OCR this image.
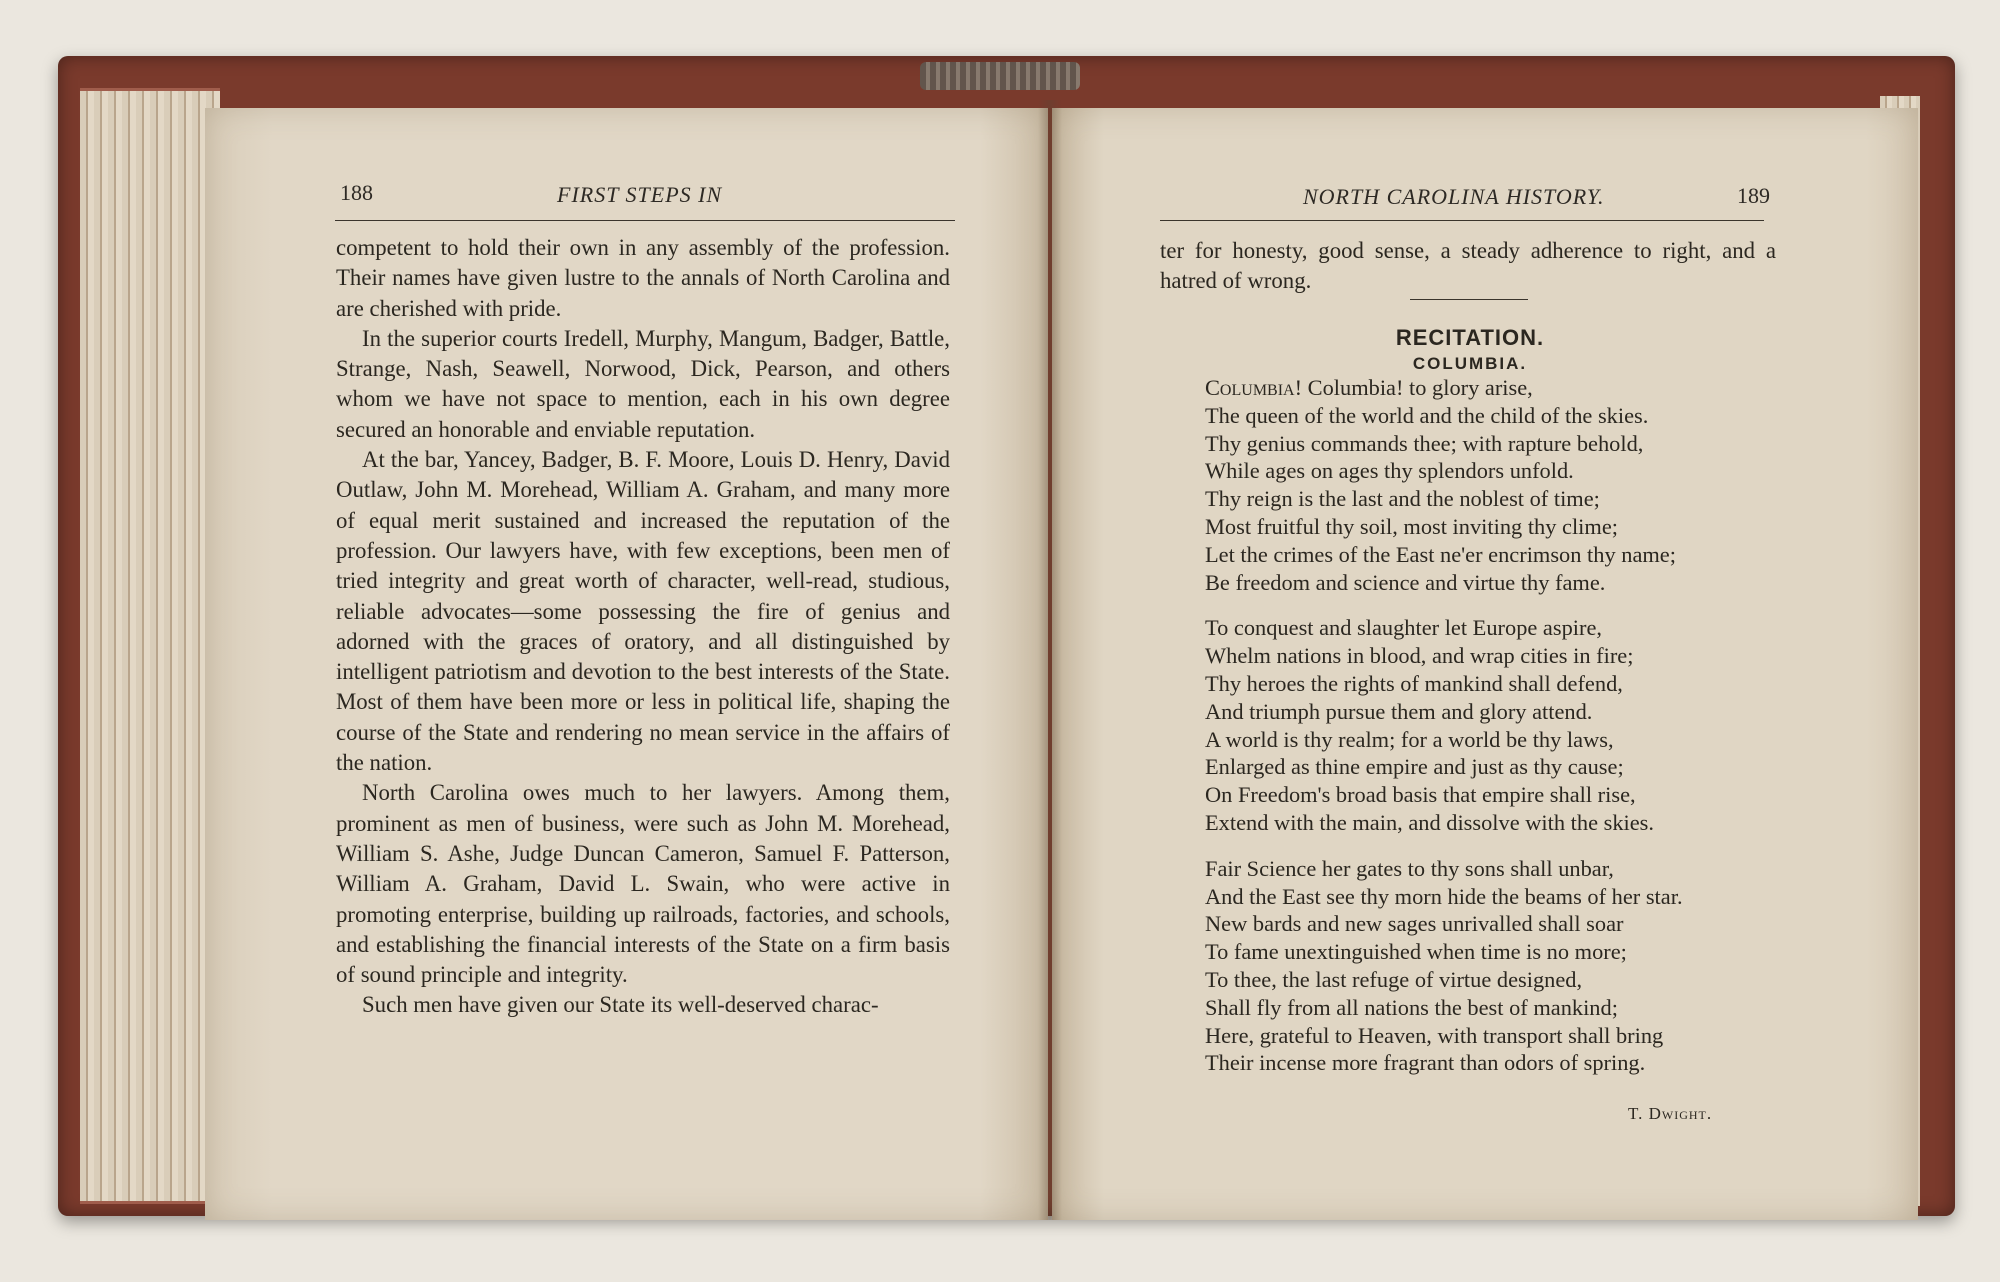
188	FIRST STEPS IN

competent to hold their own in any assembly of the profession. Their names have given lustre to the annals of North Carolina and are cherished with pride.

In the superior courts Iredell, Murphy, Mangum, Badger, Battle, Strange, Nash, Seawell, Norwood, Dick, Pearson, and others whom we have not space to mention, each in his own degree secured an honorable and enviable reputation.

At the bar, Yancey, Badger, B. F. Moore, Louis D. Henry, David Outlaw, John M. Morehead, William A. Graham, and many more of equal merit sustained and increased the reputation of the profession. Our lawyers have, with few exceptions, been men of tried integrity and great worth of character, well-read, studious, reliable advocates—some possessing the fire of genius and adorned with the graces of oratory, and all distinguished by intelligent patriotism and devotion to the best interests of the State. Most of them have been more or less in political life, shaping the course of the State and rendering no mean service in the affairs of the nation.

North Carolina owes much to her lawyers. Among them, prominent as men of business, were such as John M. Morehead, William S. Ashe, Judge Duncan Cameron, Samuel F. Patterson, William A. Graham, David L. Swain, who were active in promoting enterprise, building up railroads, factories, and schools, and establishing the financial interests of the State on a firm basis of sound principle and integrity.

Such men have given our State its well-deserved charac-

NORTH CAROLINA HISTORY.	189

ter for honesty, good sense, a steady adherence to right, and a hatred of wrong.

RECITATION.
COLUMBIA.
Columbia! Columbia! to glory arise,
The queen of the world and the child of the skies.
Thy genius commands thee; with rapture behold,
While ages on ages thy splendors unfold.
Thy reign is the last and the noblest of time;
Most fruitful thy soil, most inviting thy clime;
Let the crimes of the East ne'er encrimson thy name;
Be freedom and science and virtue thy fame.
To conquest and slaughter let Europe aspire,
Whelm nations in blood, and wrap cities in fire;
Thy heroes the rights of mankind shall defend,
And triumph pursue them and glory attend.
A world is thy realm; for a world be thy laws,
Enlarged as thine empire and just as thy cause;
On Freedom's broad basis that empire shall rise,
Extend with the main, and dissolve with the skies.
Fair Science her gates to thy sons shall unbar,
And the East see thy morn hide the beams of her star.
New bards and new sages unrivalled shall soar
To fame unextinguished when time is no more;
To thee, the last refuge of virtue designed,
Shall fly from all nations the best of mankind;
Here, grateful to Heaven, with transport shall bring
Their incense more fragrant than odors of spring.
T. Dwight.
